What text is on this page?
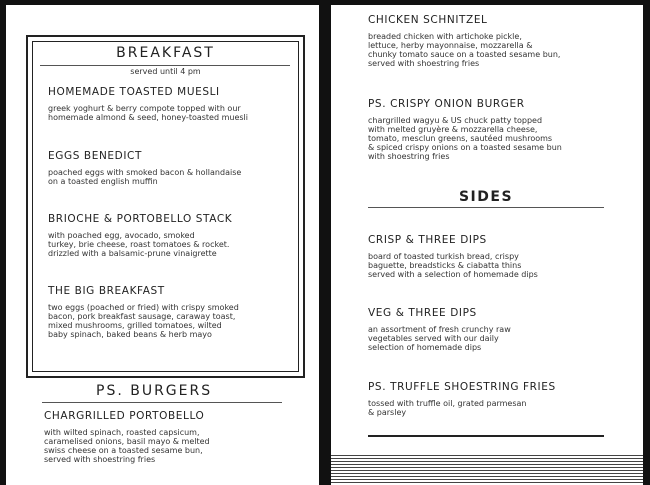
BREAKFAST
served until 4 pm
HOMEMADE TOASTED MUESLI
greek yoghurt & berry compote topped with our
homemade almond & seed, honey-toasted muesli
EGGS BENEDICT
poached eggs with smoked bacon & hollandaise
on a toasted english muffin
BRIOCHE & PORTOBELLO STACK
with poached egg, avocado, smoked
turkey, brie cheese, roast tomatoes & rocket.
drizzled with a balsamic-prune vinaigrette
THE BIG BREAKFAST
two eggs (poached or fried) with crispy smoked
bacon, pork breakfast sausage, caraway toast,
mixed mushrooms, grilled tomatoes, wilted
baby spinach, baked beans & herb mayo
PS. BURGERS
CHARGRILLED PORTOBELLO
with wilted spinach, roasted capsicum,
caramelised onions, basil mayo & melted
swiss cheese on a toasted sesame bun,
served with shoestring fries
CHICKEN SCHNITZEL
breaded chicken with artichoke pickle,
lettuce, herby mayonnaise, mozzarella &
chunky tomato sauce on a toasted sesame bun,
served with shoestring fries
PS. CRISPY ONION BURGER
chargrilled wagyu & US chuck patty topped
with melted gruyère & mozzarella cheese,
tomato, mesclun greens, sautéed mushrooms
& spiced crispy onions on a toasted sesame bun
with shoestring fries
SIDES
CRISP & THREE DIPS
board of toasted turkish bread, crispy
baguette, breadsticks & ciabatta thins
served with a selection of homemade dips
VEG & THREE DIPS
an assortment of fresh crunchy raw
vegetables served with our daily
selection of homemade dips
PS. TRUFFLE SHOESTRING FRIES
tossed with truffle oil, grated parmesan
& parsley
